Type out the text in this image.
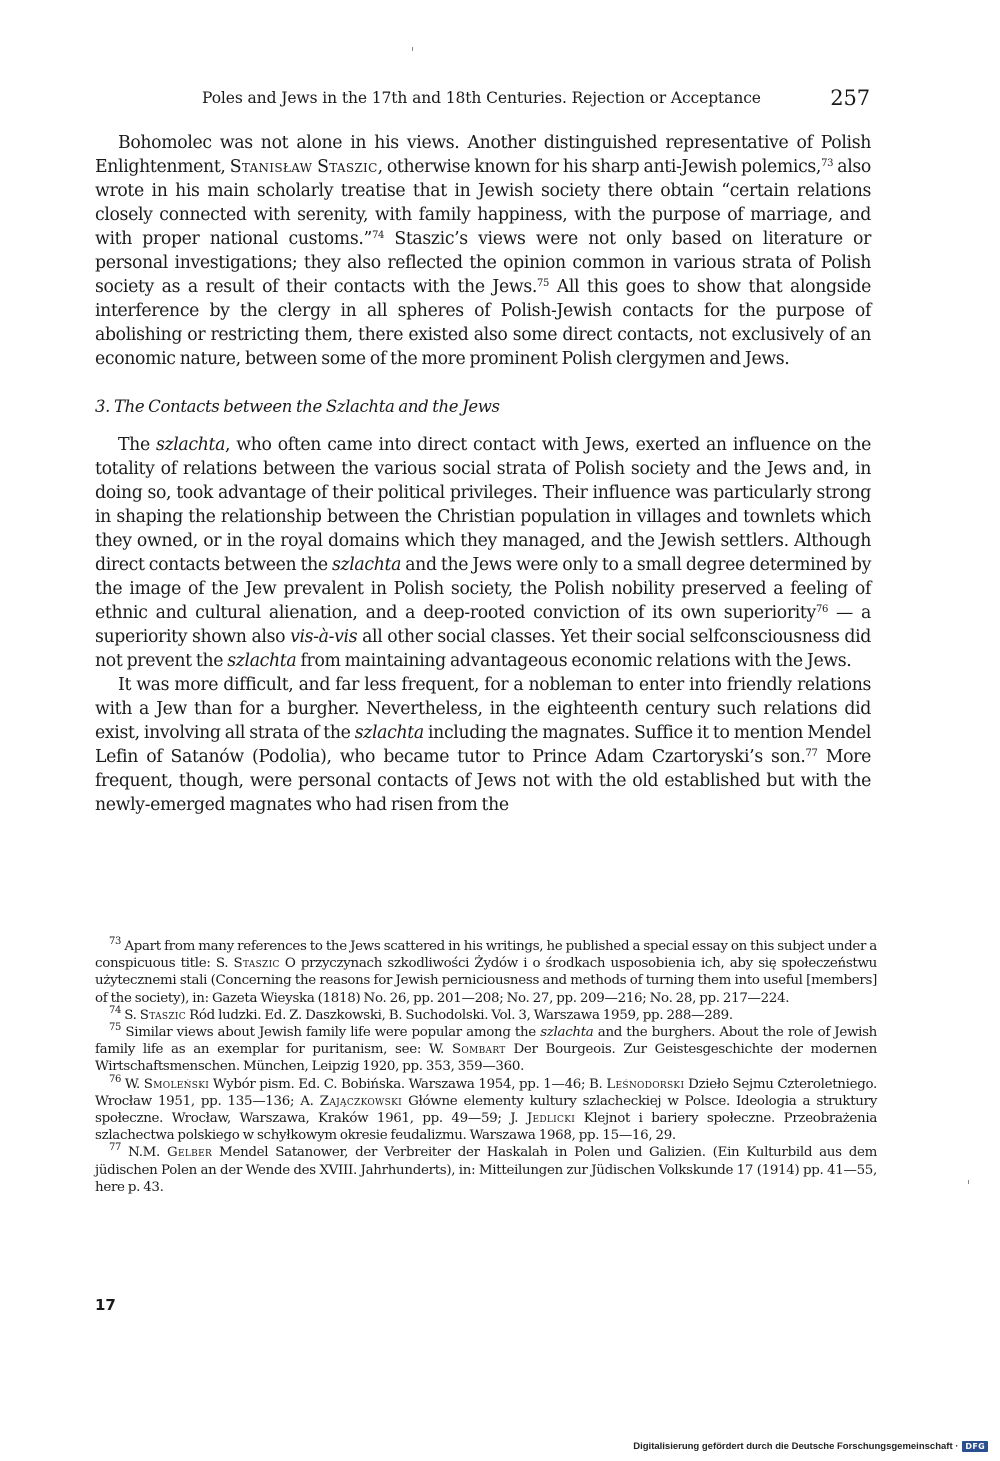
Poles and Jews in the 17th and 18th Centuries. Rejection or Acceptance	257

Bohomolec was not alone in his views. Another distinguished representative of Polish Enlightenment, Stanisław Staszic, otherwise known for his sharp anti-Jewish polemics,$^{73}$ also wrote in his main scholarly treatise that in Jewish society there obtain “certain relations closely connected with serenity, with family happiness, with the purpose of marriage, and with proper national customs.”$^{74}$ Staszic’s views were not only based on literature or personal investigations; they also reflected the opinion common in various strata of Polish society as a result of their contacts with the Jews.$^{75}$ All this goes to show that alongside interference by the clergy in all spheres of Polish-Jewish contacts for the purpose of abolishing or restricting them, there existed also some direct contacts, not exclusively of an economic nature, between some of the more prominent Polish clergymen and Jews.

3. The Contacts between the Szlachta and the Jews

The szlachta, who often came into direct contact with Jews, exerted an influence on the totality of relations between the various social strata of Polish society and the Jews and, in doing so, took advantage of their political privileges. Their influence was particularly strong in shaping the relationship between the Christian population in villages and townlets which they owned, or in the royal domains which they managed, and the Jewish settlers. Although direct contacts between the szlachta and the Jews were only to a small degree determined by the image of the Jew prevalent in Polish society, the Polish nobility preserved a feeling of ethnic and cultural alienation, and a deep-rooted conviction of its own superiority$^{76}$ — a superiority shown also vis-à-vis all other social classes. Yet their social selfconsciousness did not prevent the szlachta from maintaining advantageous economic relations with the Jews.

It was more difficult, and far less frequent, for a nobleman to enter into friendly relations with a Jew than for a burgher. Nevertheless, in the eighteenth century such relations did exist, involving all strata of the szlachta including the magnates. Suffice it to mention Mendel Lefin of Satanów (Podolia), who became tutor to Prince Adam Czartoryski’s son.$^{77}$ More frequent, though, were personal contacts of Jews not with the old established but with the newly-emerged magnates who had risen from the

$^{73}$ Apart from many references to the Jews scattered in his writings, he published a special essay on this subject under a conspicuous title: S. Staszic O przyczynach szkodliwości Żydów i o środkach usposobienia ich, aby się społeczeństwu użytecznemi stali (Concerning the reasons for Jewish perniciousness and methods of turning them into useful [members] of the society), in: Gazeta Wieyska (1818) No. 26, pp. 201—208; No. 27, pp. 209—216; No. 28, pp. 217—224.

$^{74}$ S. Staszic Ród ludzki. Ed. Z. Daszkowski, B. Suchodolski. Vol. 3, Warszawa 1959, pp. 288—289.

$^{75}$ Similar views about Jewish family life were popular among the szlachta and the burghers. About the role of Jewish family life as an exemplar for puritanism, see: W. Sombart Der Bourgeois. Zur Geistesgeschichte der modernen Wirtschaftsmenschen. München, Leipzig 1920, pp. 353, 359—360.

$^{76}$ W. Smoleński Wybór pism. Ed. C. Bobińska. Warszawa 1954, pp. 1—46; B. Leśnodorski Dzieło Sejmu Czteroletniego. Wrocław 1951, pp. 135—136; A. Zajączkowski Główne elementy kultury szlacheckiej w Polsce. Ideologia a struktury społeczne. Wrocław, Warszawa, Kraków 1961, pp. 49—59; J. Jedlicki Klejnot i bariery społeczne. Przeobrażenia szlachectwa polskiego w schyłkowym okresie feudalizmu. Warszawa 1968, pp. 15—16, 29.

$^{77}$ N.M. Gelber Mendel Satanower, der Verbreiter der Haskalah in Polen und Galizien. (Ein Kulturbild aus dem jüdischen Polen an der Wende des XVIII. Jahrhunderts), in: Mitteilungen zur Jüdischen Volkskunde 17 (1914) pp. 41—55, here p. 43.

17
Digitalisierung gefördert durch die Deutsche Forschungsgemeinschaft · DFG
